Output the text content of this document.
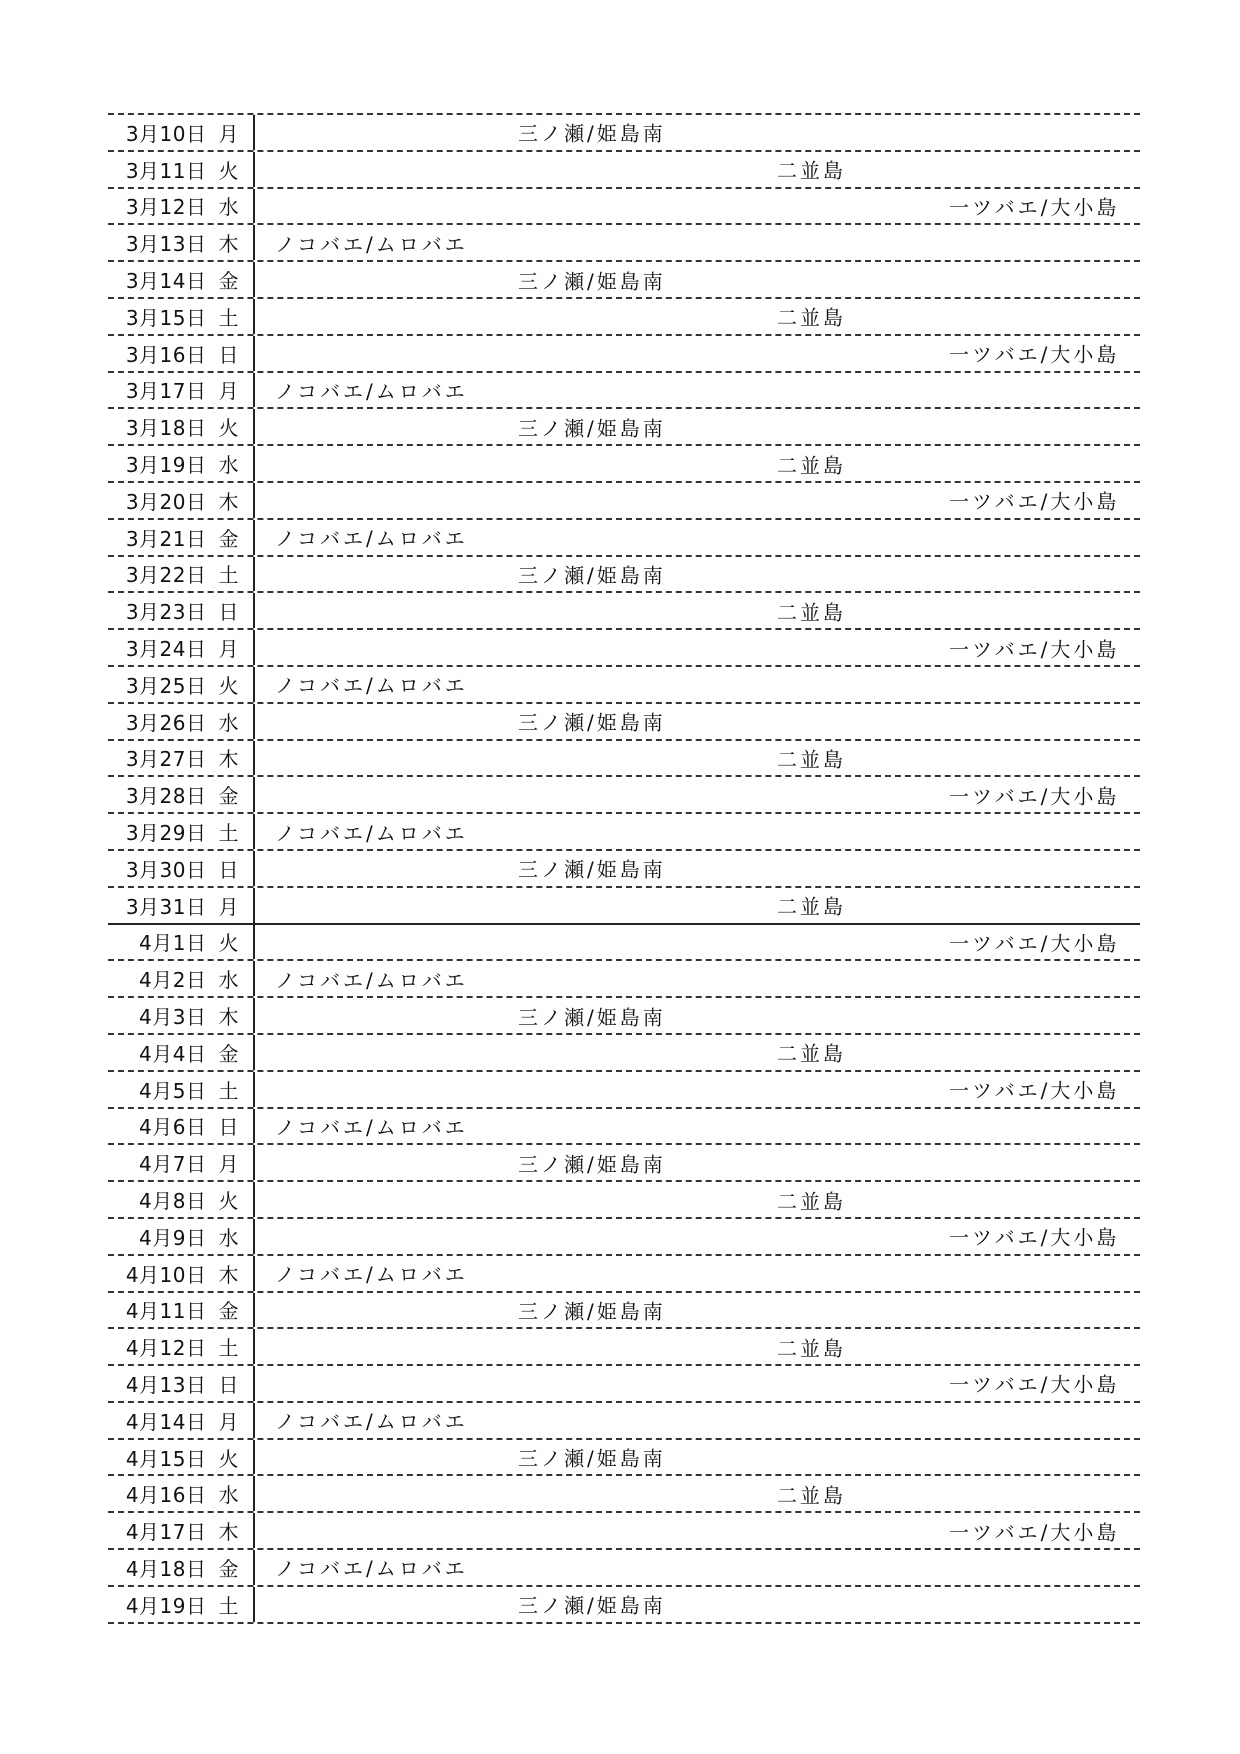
3月10日 月	三ノ瀬/姫島南
3月11日 火	二並島
3月12日 水	一ツバエ/大小島
3月13日 木 ノコバエ/ムロバエ
3月14日 金	三ノ瀬/姫島南
3月15日 土	二並島
3月16日 日	一ツバエ/大小島
3月17日 月 ノコバエ/ムロバエ
3月18日 火	三ノ瀬/姫島南
3月19日 水	二並島
3月20日 木	一ツバエ/大小島
3月21日 金 ノコバエ/ムロバエ
3月22日 土	三ノ瀬/姫島南
3月23日 日	二並島
3月24日 月	一ツバエ/大小島
3月25日 火 ノコバエ/ムロバエ
3月26日 水	三ノ瀬/姫島南
3月27日 木	二並島
3月28日 金	一ツバエ/大小島
3月29日 土 ノコバエ/ムロバエ
3月30日 日	三ノ瀬/姫島南
3月31日 月	二並島
4月1日 火	一ツバエ/大小島
4月2日 水 ノコバエ/ムロバエ
4月3日 木	三ノ瀬/姫島南
4月4日 金	二並島
4月5日 土	一ツバエ/大小島
4月6日 日 ノコバエ/ムロバエ
4月7日 月	三ノ瀬/姫島南
4月8日 火	二並島
4月9日 水	一ツバエ/大小島
4月10日 木 ノコバエ/ムロバエ
4月11日 金	三ノ瀬/姫島南
4月12日 土	二並島
4月13日 日	一ツバエ/大小島
4月14日 月 ノコバエ/ムロバエ
4月15日 火	三ノ瀬/姫島南
4月16日 水	二並島
4月17日 木	一ツバエ/大小島
4月18日 金 ノコバエ/ムロバエ
4月19日 土	三ノ瀬/姫島南
